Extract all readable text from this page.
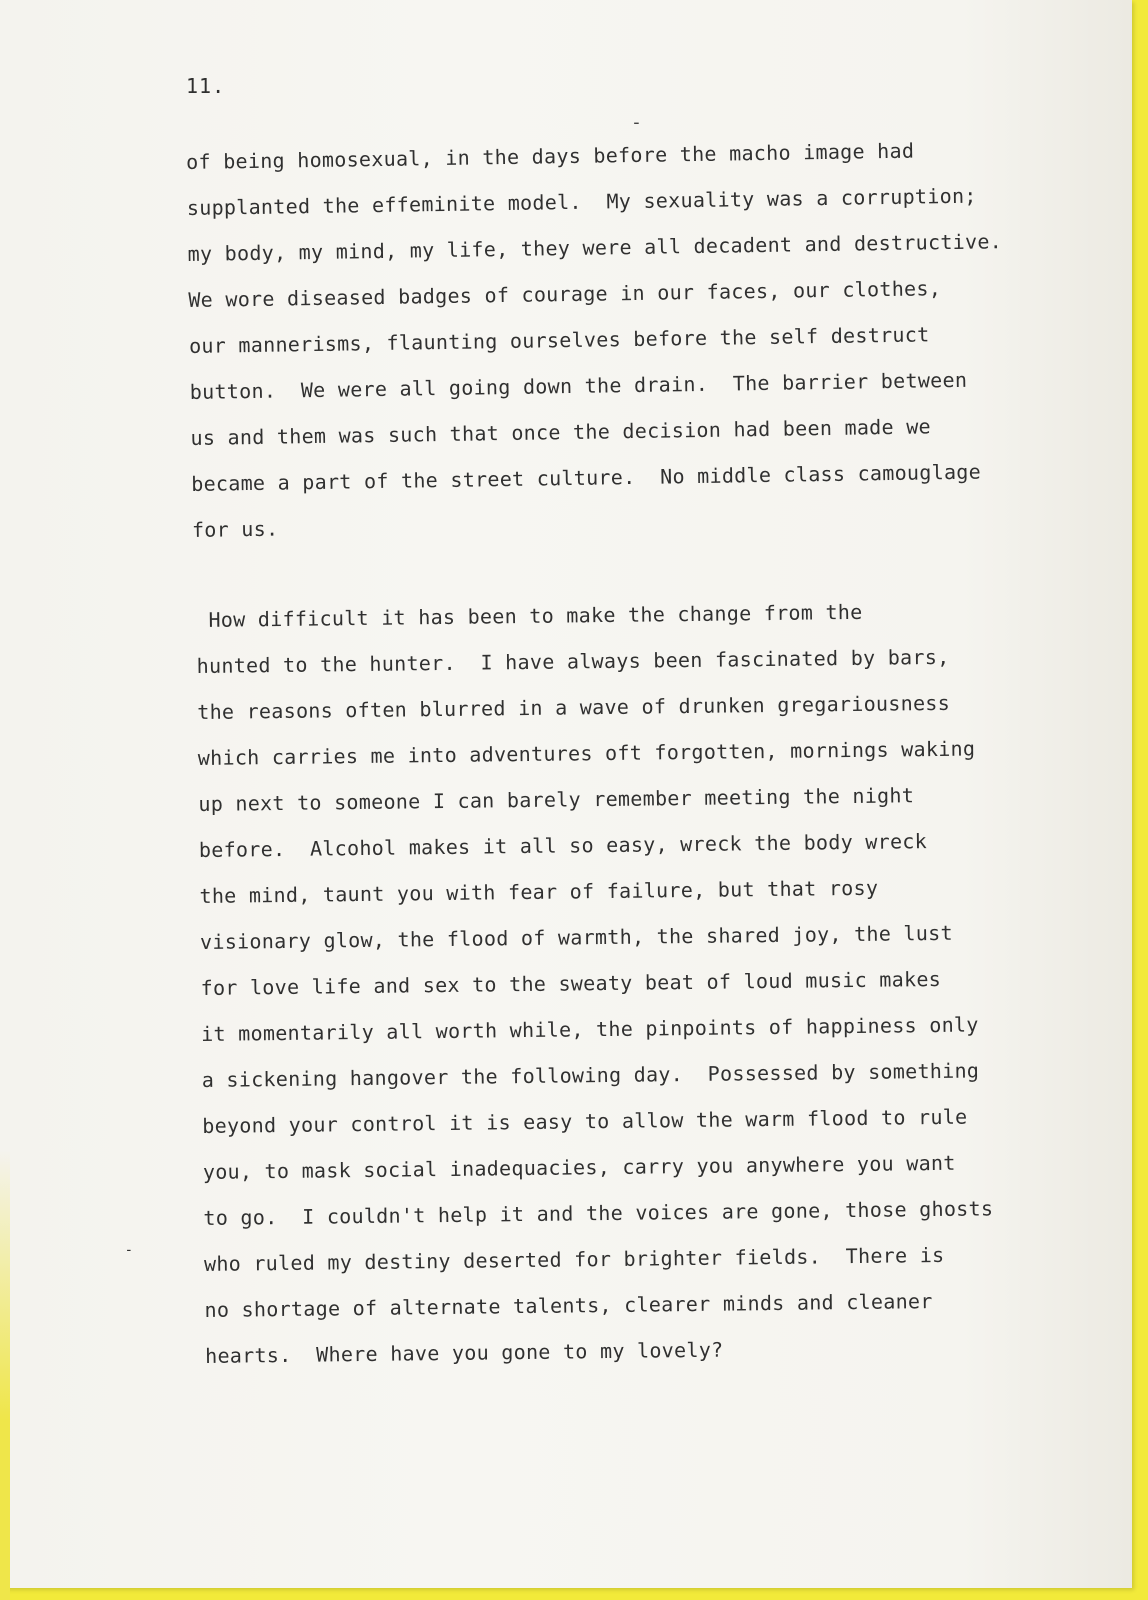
11.
-
˗

of being homosexual, in the days before the macho image had

supplanted the effeminite model.  My sexuality was a corruption;

my body, my mind, my life, they were all decadent and destructive.

We wore diseased badges of courage in our faces, our clothes,

our mannerisms, flaunting ourselves before the self destruct

button.  We were all going down the drain.  The barrier between

us and them was such that once the decision had been made we

became a part of the street culture.  No middle class camouglage

for us.

How difficult it has been to make the change from the

hunted to the hunter.  I have always been fascinated by bars,

the reasons often blurred in a wave of drunken gregariousness

which carries me into adventures oft forgotten, mornings waking

up next to someone I can barely remember meeting the night

before.  Alcohol makes it all so easy, wreck the body wreck

the mind, taunt you with fear of failure, but that rosy

visionary glow, the flood of warmth, the shared joy, the lust

for love life and sex to the sweaty beat of loud music makes

it momentarily all worth while, the pinpoints of happiness only

a sickening hangover the following day.  Possessed by something

beyond your control it is easy to allow the warm flood to rule

you, to mask social inadequacies, carry you anywhere you want

to go.  I couldn't help it and the voices are gone, those ghosts

who ruled my destiny deserted for brighter fields.  There is

no shortage of alternate talents, clearer minds and cleaner

hearts.  Where have you gone to my lovely?
